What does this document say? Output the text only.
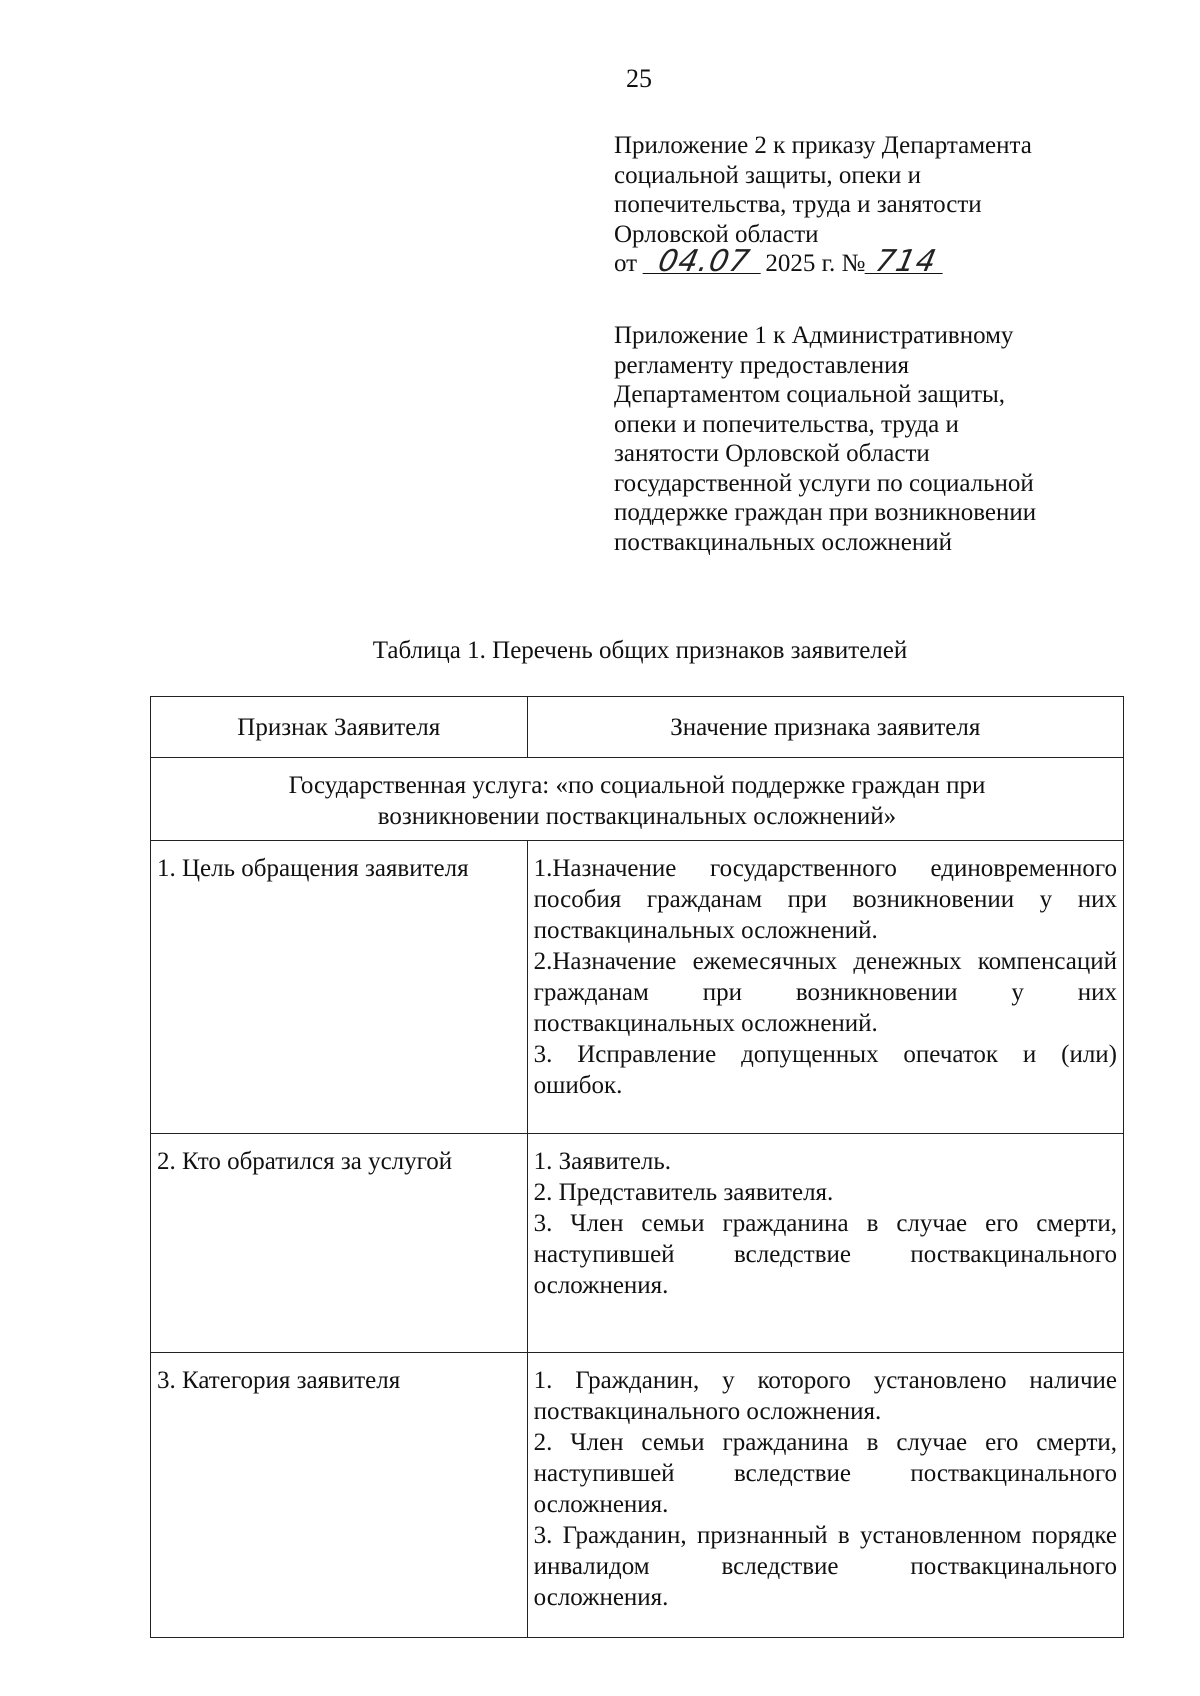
25
Приложение 2 к приказу Департамента
социальной защиты, опеки и
попечительства, труда и занятости
Орловской области
от 04.07 2025 г. № 714
Приложение 1 к Административному
регламенту предоставления
Департаментом социальной защиты,
опеки и попечительства, труда и
занятости Орловской области
государственной услуги по социальной
поддержке граждан при возникновении
поствакцинальных осложнений
Таблица 1. Перечень общих признаков заявителей
Признак Заявителя	Значение признака заявителя

Государственная услуга: «по социальной поддержке граждан при
возникновении поствакцинальных осложнений»	

1. Цель обращения заявителя	1.Назначение государственного единовременного пособия гражданам при возникновении у них поствакцинальных осложнений.
2.Назначение ежемесячных денежных компенсаций гражданам при возникновении у них поствакцинальных осложнений.
3. Исправление допущенных опечаток и (или) ошибок.

2. Кто обратился за услугой	1. Заявитель.
2. Представитель заявителя.
3. Член семьи гражданина в случае его смерти, наступившей вследствие поствакцинального осложнения.

3. Категория заявителя	1. Гражданин, у которого установлено наличие поствакцинального осложнения.
2. Член семьи гражданина в случае его смерти, наступившей вследствие поствакцинального осложнения.
3. Гражданин, признанный в установленном порядке инвалидом вследствие поствакцинального осложнения.
